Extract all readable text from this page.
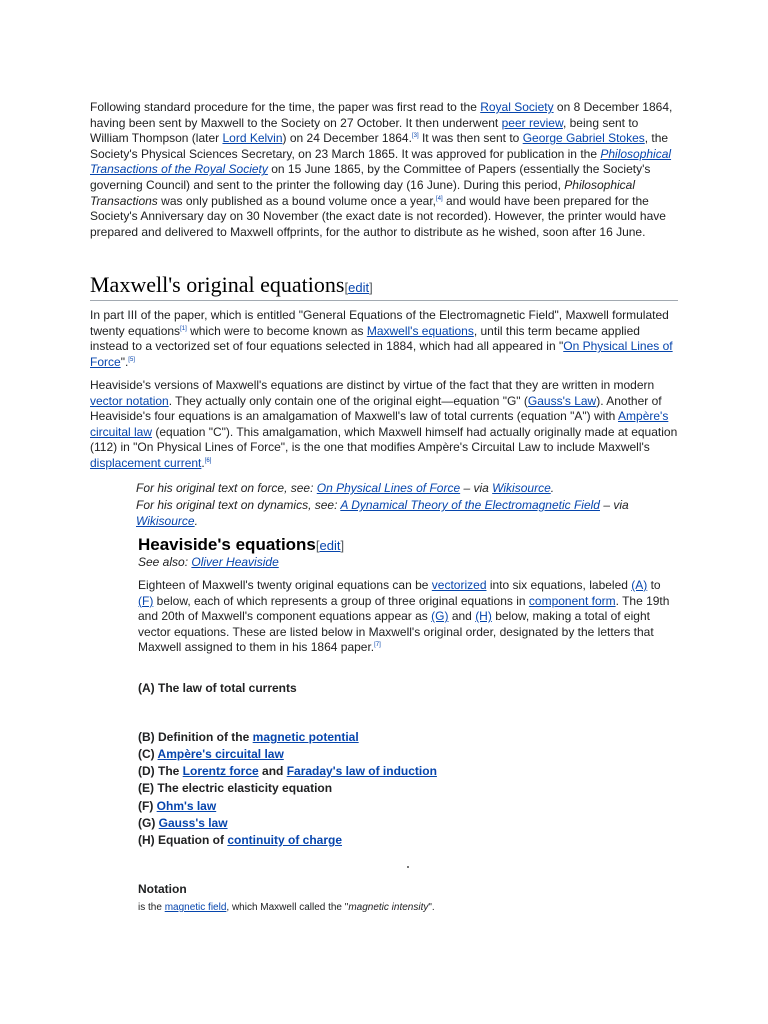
Following standard procedure for the time, the paper was first read to the Royal Society on 8 December 1864, having been sent by Maxwell to the Society on 27 October. It then underwent peer review, being sent to William Thompson (later Lord Kelvin) on 24 December 1864.[3] It was then sent to George Gabriel Stokes, the Society's Physical Sciences Secretary, on 23 March 1865. It was approved for publication in the Philosophical Transactions of the Royal Society on 15 June 1865, by the Committee of Papers (essentially the Society's governing Council) and sent to the printer the following day (16 June). During this period, Philosophical Transactions was only published as a bound volume once a year,[4] and would have been prepared for the Society's Anniversary day on 30 November (the exact date is not recorded). However, the printer would have prepared and delivered to Maxwell offprints, for the author to distribute as he wished, soon after 16 June.

Maxwell's original equations[edit]

In part III of the paper, which is entitled "General Equations of the Electromagnetic Field", Maxwell formulated twenty equations[1] which were to become known as Maxwell's equations, until this term became applied instead to a vectorized set of four equations selected in 1884, which had all appeared in "On Physical Lines of Force".[5]

Heaviside's versions of Maxwell's equations are distinct by virtue of the fact that they are written in modern vector notation. They actually only contain one of the original eight—equation "G" (Gauss's Law). Another of Heaviside's four equations is an amalgamation of Maxwell's law of total currents (equation "A") with Ampère's circuital law (equation "C"). This amalgamation, which Maxwell himself had actually originally made at equation (112) in "On Physical Lines of Force", is the one that modifies Ampère's Circuital Law to include Maxwell's displacement current.[6]

For his original text on force, see: On Physical Lines of Force – via Wikisource.
For his original text on dynamics, see: A Dynamical Theory of the Electromagnetic Field – via Wikisource.
Heaviside's equations[edit]
See also: Oliver Heaviside

Eighteen of Maxwell's twenty original equations can be vectorized into six equations, labeled (A) to (F) below, each of which represents a group of three original equations in component form. The 19th and 20th of Maxwell's component equations appear as (G) and (H) below, making a total of eight vector equations. These are listed below in Maxwell's original order, designated by the letters that Maxwell assigned to them in his 1864 paper.[7]

(A) The law of total currents
(B) Definition of the magnetic potential
(C) Ampère's circuital law
(D) The Lorentz force and Faraday's law of induction
(E) The electric elasticity equation
(F) Ohm's law
(G) Gauss's law
(H) Equation of continuity of charge
Notation
is the magnetic field, which Maxwell called the "magnetic intensity".
